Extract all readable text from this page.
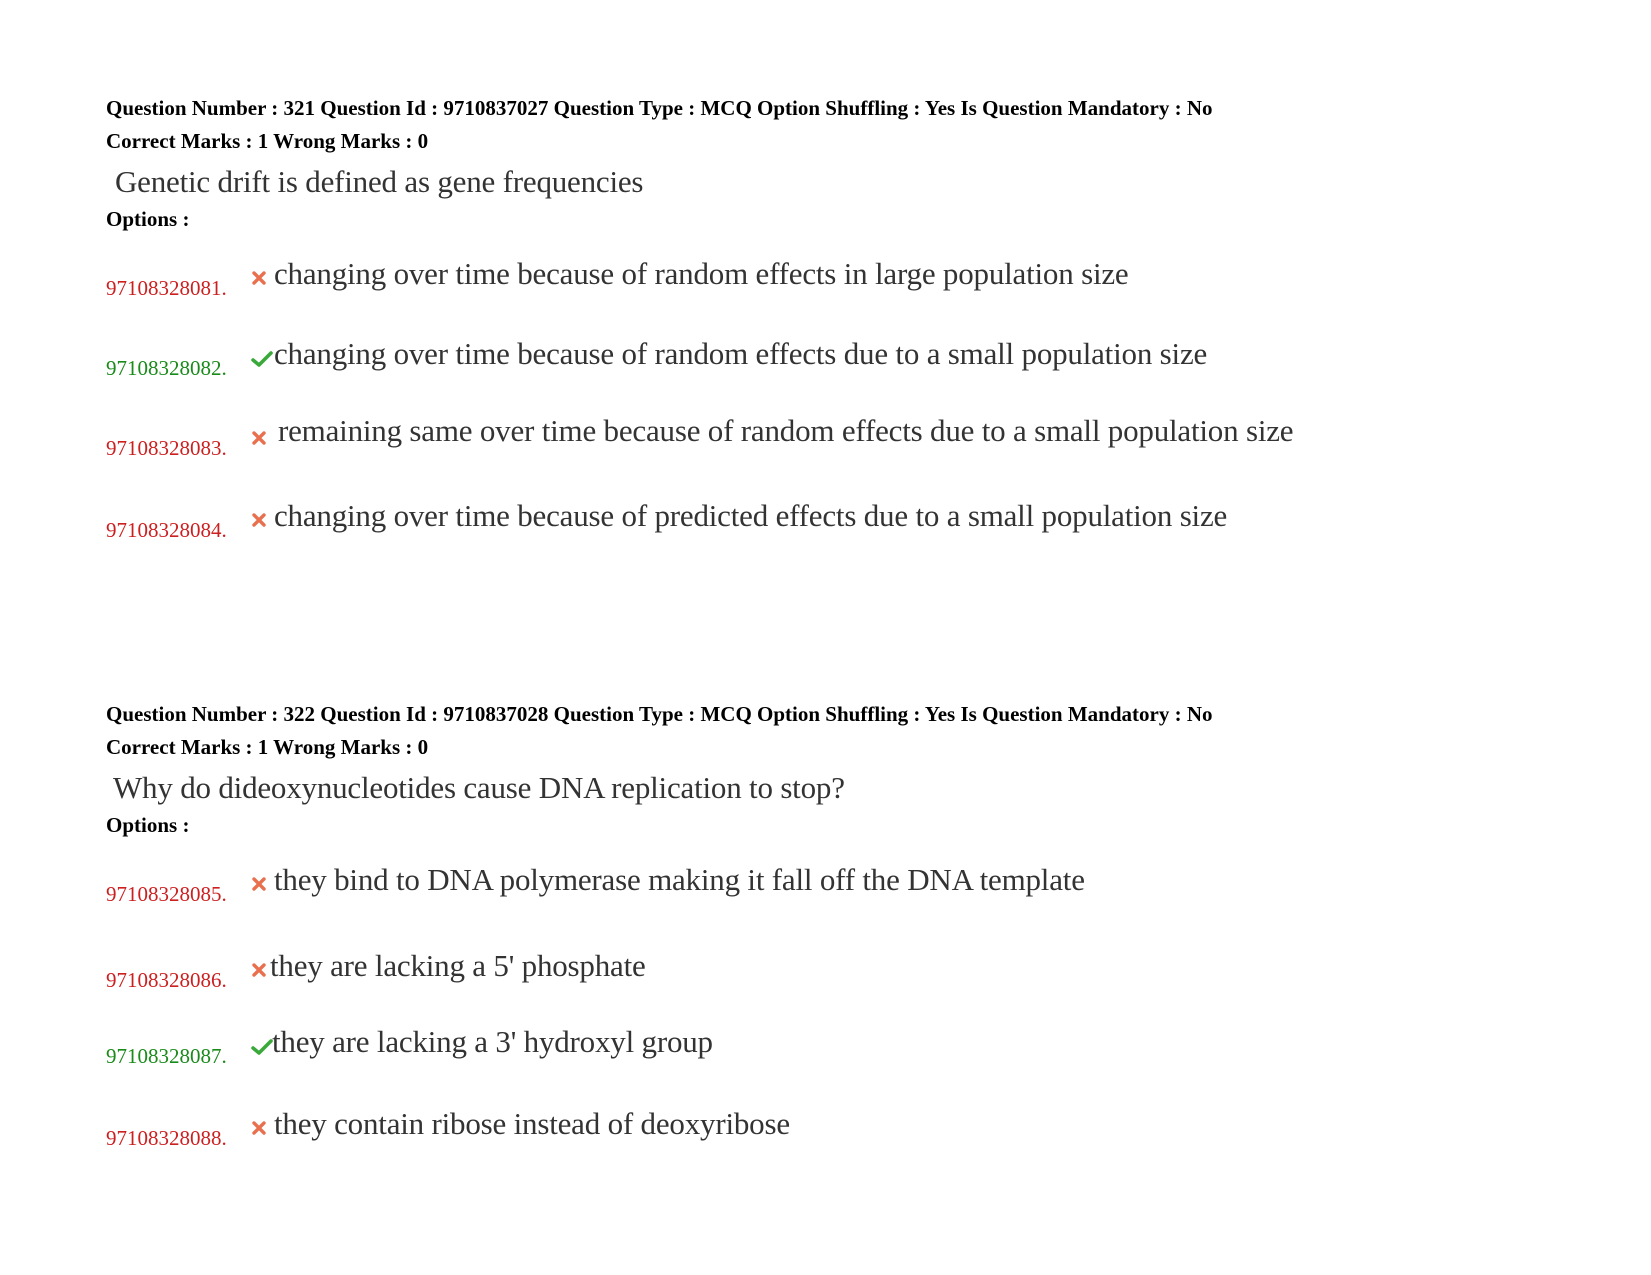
Question Number : 321 Question Id : 9710837027 Question Type : MCQ Option Shuffling : Yes Is Question Mandatory : No
Correct Marks : 1 Wrong Marks : 0
Genetic drift is defined as gene frequencies
Options :
97108328081.	changing over time because of random effects in large population size
97108328082.	changing over time because of random effects due to a small population size
97108328083.	remaining same over time because of random effects due to a small population size
97108328084.	changing over time because of predicted effects due to a small population size
Question Number : 322 Question Id : 9710837028 Question Type : MCQ Option Shuffling : Yes Is Question Mandatory : No
Correct Marks : 1 Wrong Marks : 0
Why do dideoxynucleotides cause DNA replication to stop?
Options :
97108328085.	they bind to DNA polymerase making it fall off the DNA template
97108328086.	they are lacking a 5' phosphate
97108328087.	they are lacking a 3' hydroxyl group
97108328088.	they contain ribose instead of deoxyribose
